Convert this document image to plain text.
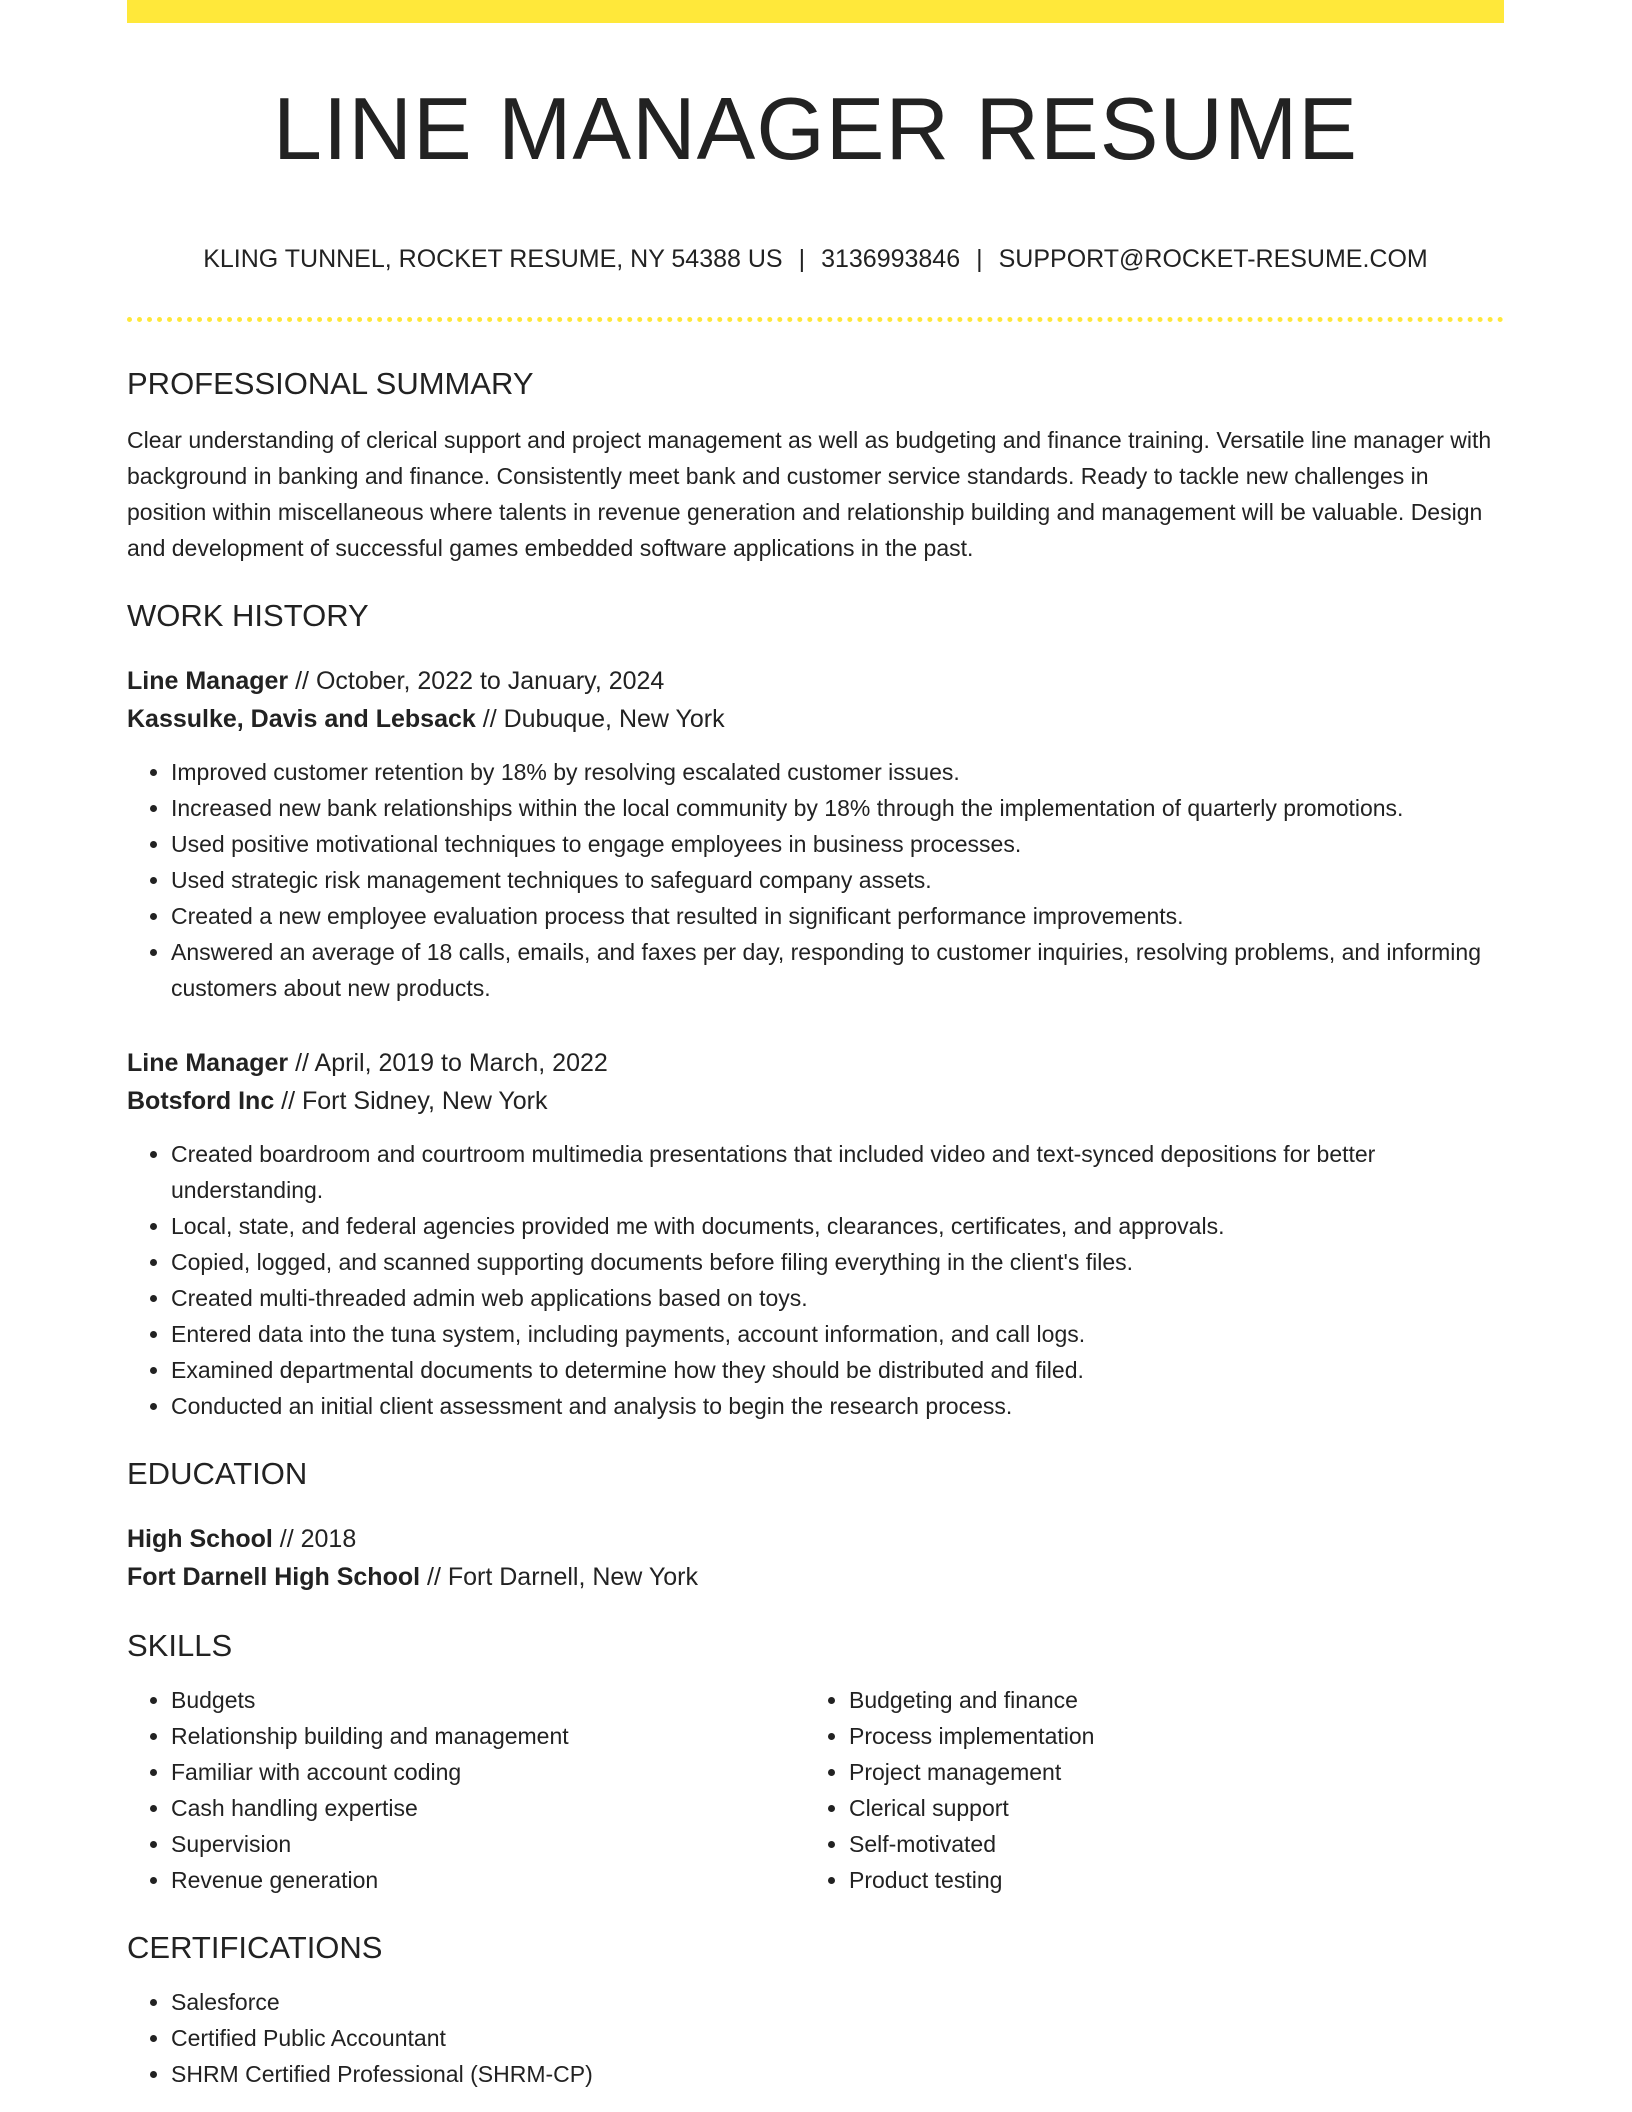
LINE MANAGER RESUME
KLING TUNNEL, ROCKET RESUME, NY 54388 US | 3136993846 | SUPPORT@ROCKET-RESUME.COM
PROFESSIONAL SUMMARY

Clear understanding of clerical support and project management as well as budgeting and finance training. Versatile line manager with background in banking and finance. Consistently meet bank and customer service standards. Ready to tackle new challenges in position within miscellaneous where talents in revenue generation and relationship building and management will be valuable. Design and development of successful games embedded software applications in the past.

WORK HISTORY
Line Manager // October, 2022 to January, 2024
Kassulke, Davis and Lebsack // Dubuque, New York
• Improved customer retention by 18% by resolving escalated customer issues.
• Increased new bank relationships within the local community by 18% through the implementation of quarterly promotions.
• Used positive motivational techniques to engage employees in business processes.
• Used strategic risk management techniques to safeguard company assets.
• Created a new employee evaluation process that resulted in significant performance improvements.
• Answered an average of 18 calls, emails, and faxes per day, responding to customer inquiries, resolving problems, and informing customers about new products.
Line Manager // April, 2019 to March, 2022
Botsford Inc // Fort Sidney, New York
• Created boardroom and courtroom multimedia presentations that included video and text-synced depositions for better understanding.
• Local, state, and federal agencies provided me with documents, clearances, certificates, and approvals.
• Copied, logged, and scanned supporting documents before filing everything in the client's files.
• Created multi-threaded admin web applications based on toys.
• Entered data into the tuna system, including payments, account information, and call logs.
• Examined departmental documents to determine how they should be distributed and filed.
• Conducted an initial client assessment and analysis to begin the research process.
EDUCATION
High School // 2018
Fort Darnell High School // Fort Darnell, New York
SKILLS
• Budgets
• Relationship building and management
• Familiar with account coding
• Cash handling expertise
• Supervision
• Revenue generation
• Budgeting and finance
• Process implementation
• Project management
• Clerical support
• Self-motivated
• Product testing
CERTIFICATIONS
• Salesforce
• Certified Public Accountant
• SHRM Certified Professional (SHRM-CP)
